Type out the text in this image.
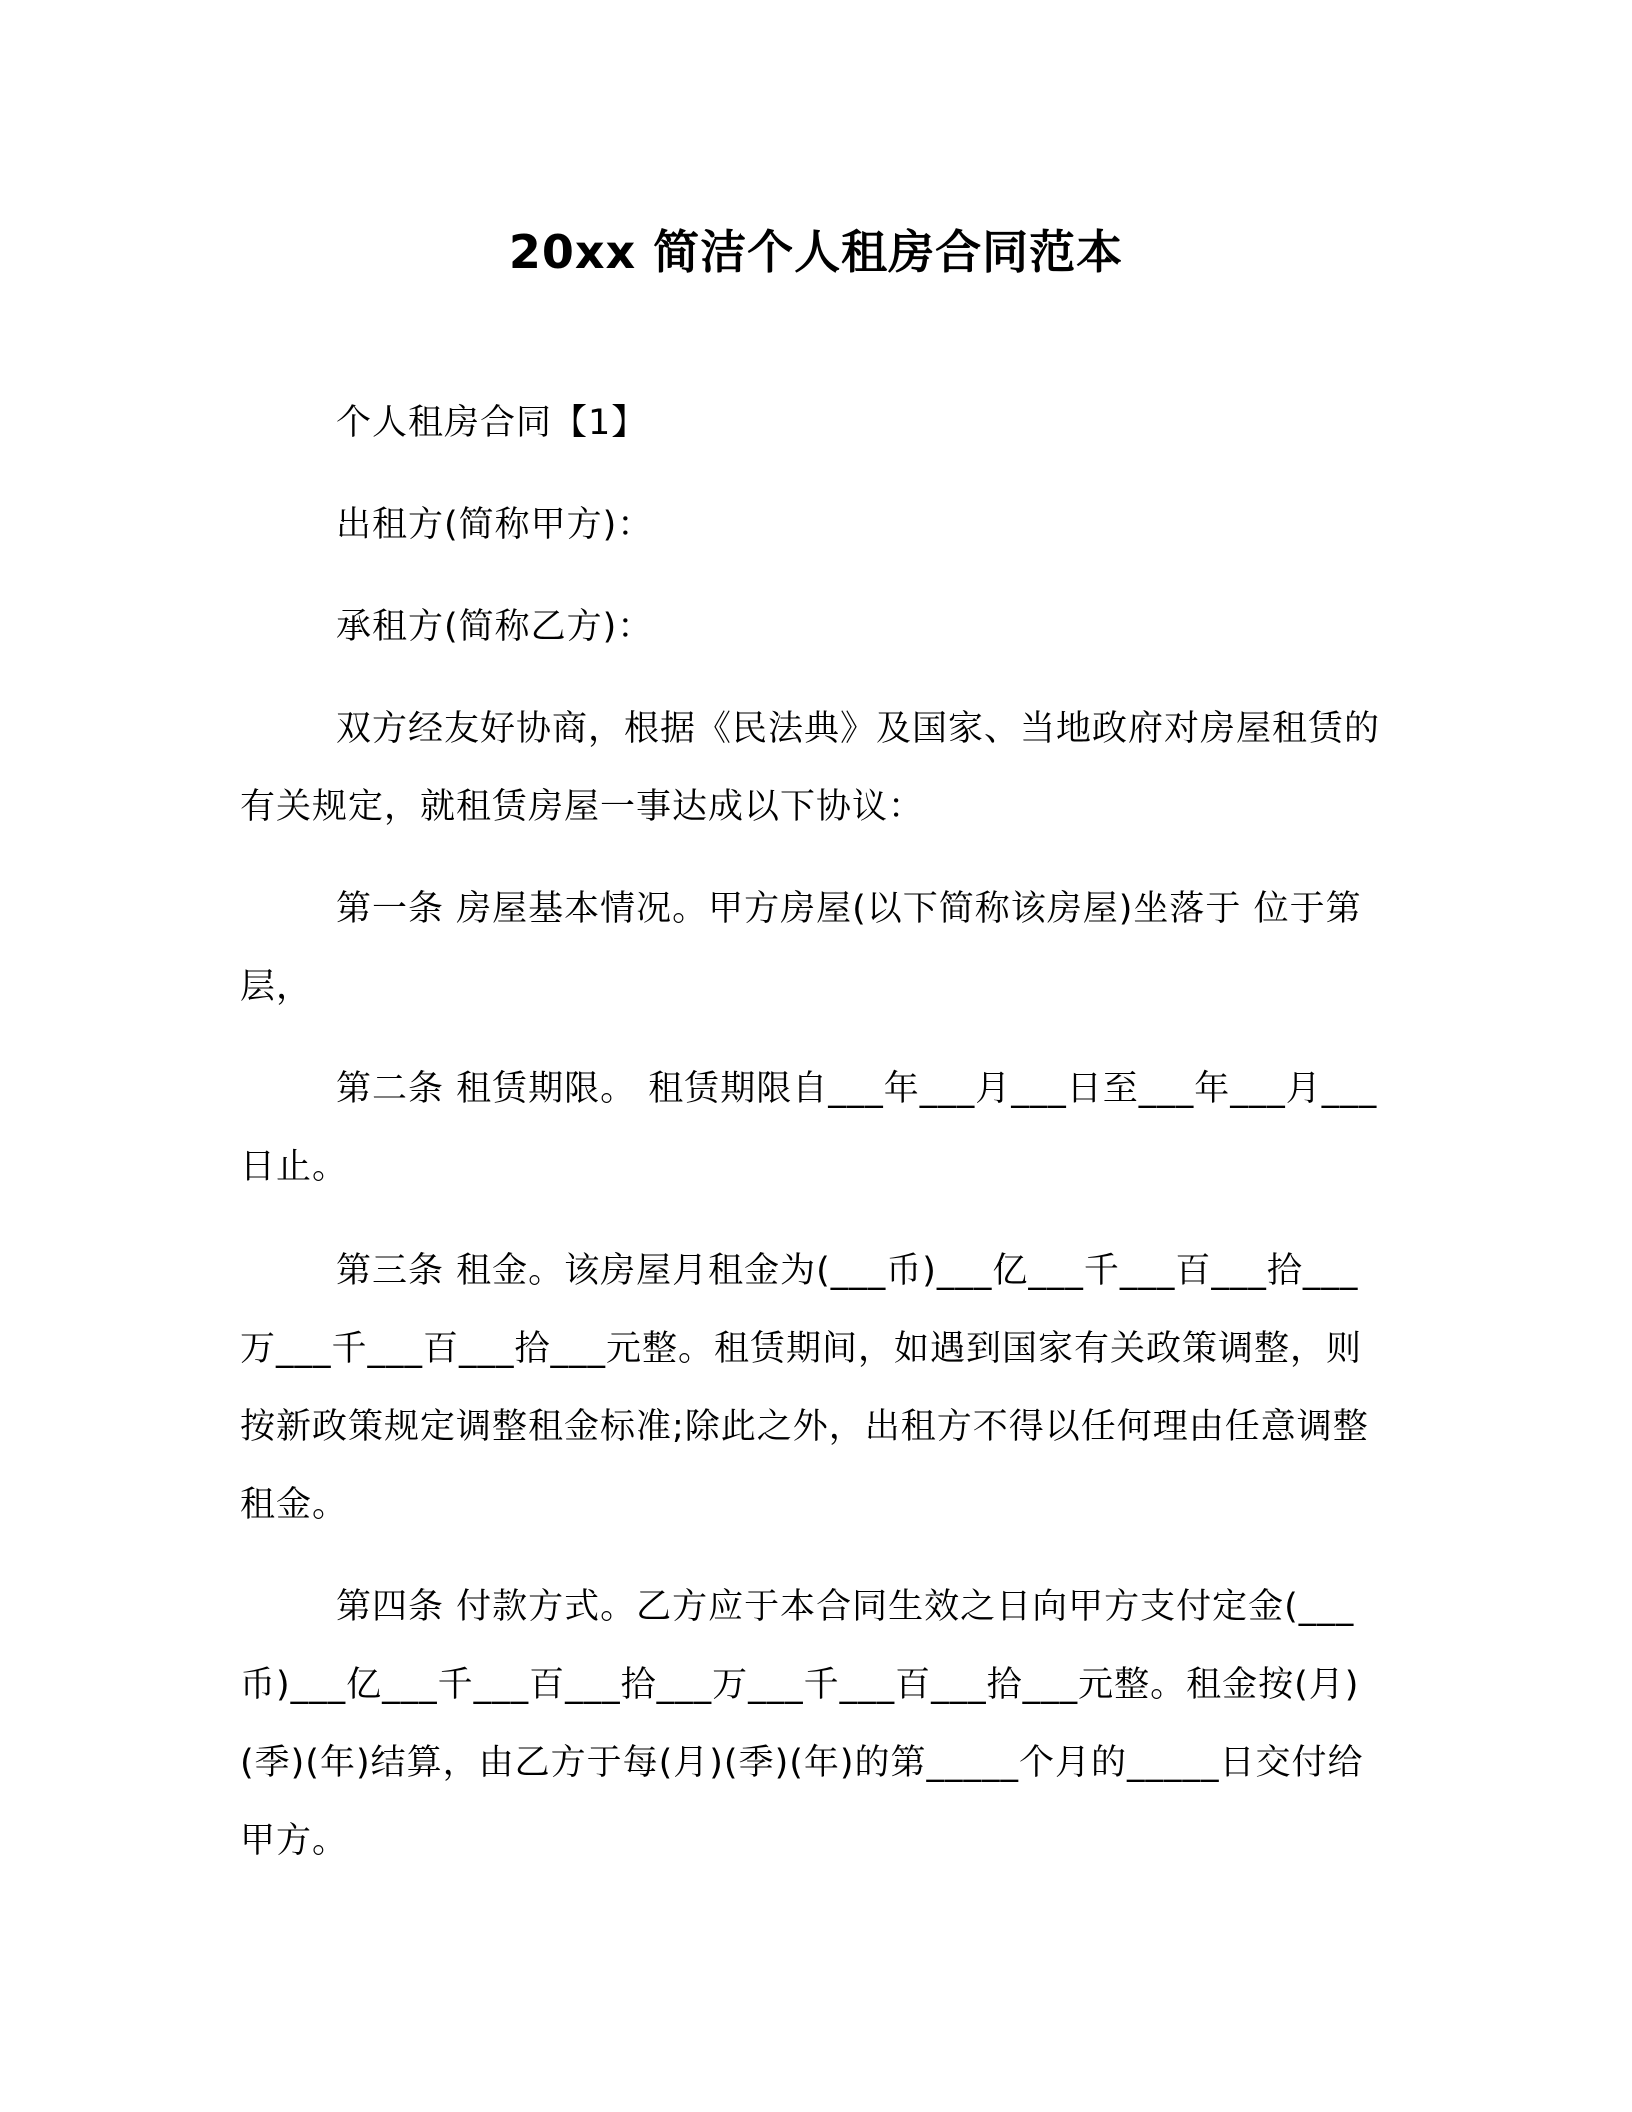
20xx 简洁个人租房合同范本

个人租房合同【1】

出租方(简称甲方)：

承租方(简称乙方)：

双方经友好协商，根据《民法典》及国家、当地政府对房屋租赁的有关规定，就租赁房屋一事达成以下协议：

第一条 房屋基本情况。甲方房屋(以下简称该房屋)坐落于 位于第层，

第二条 租赁期限。 租赁期限自___年___月___日至___年___月___日止。

第三条 租金。该房屋月租金为(___币)___亿___千___百___拾___万___千___百___拾___元整。租赁期间，如遇到国家有关政策调整，则按新政策规定调整租金标准;除此之外，出租方不得以任何理由任意调整租金。

第四条 付款方式。乙方应于本合同生效之日向甲方支付定金(___币)___亿___千___百___拾___万___千___百___拾___元整。租金按(月)(季)(年)结算，由乙方于每(月)(季)(年)的第_____个月的_____日交付给甲方。
